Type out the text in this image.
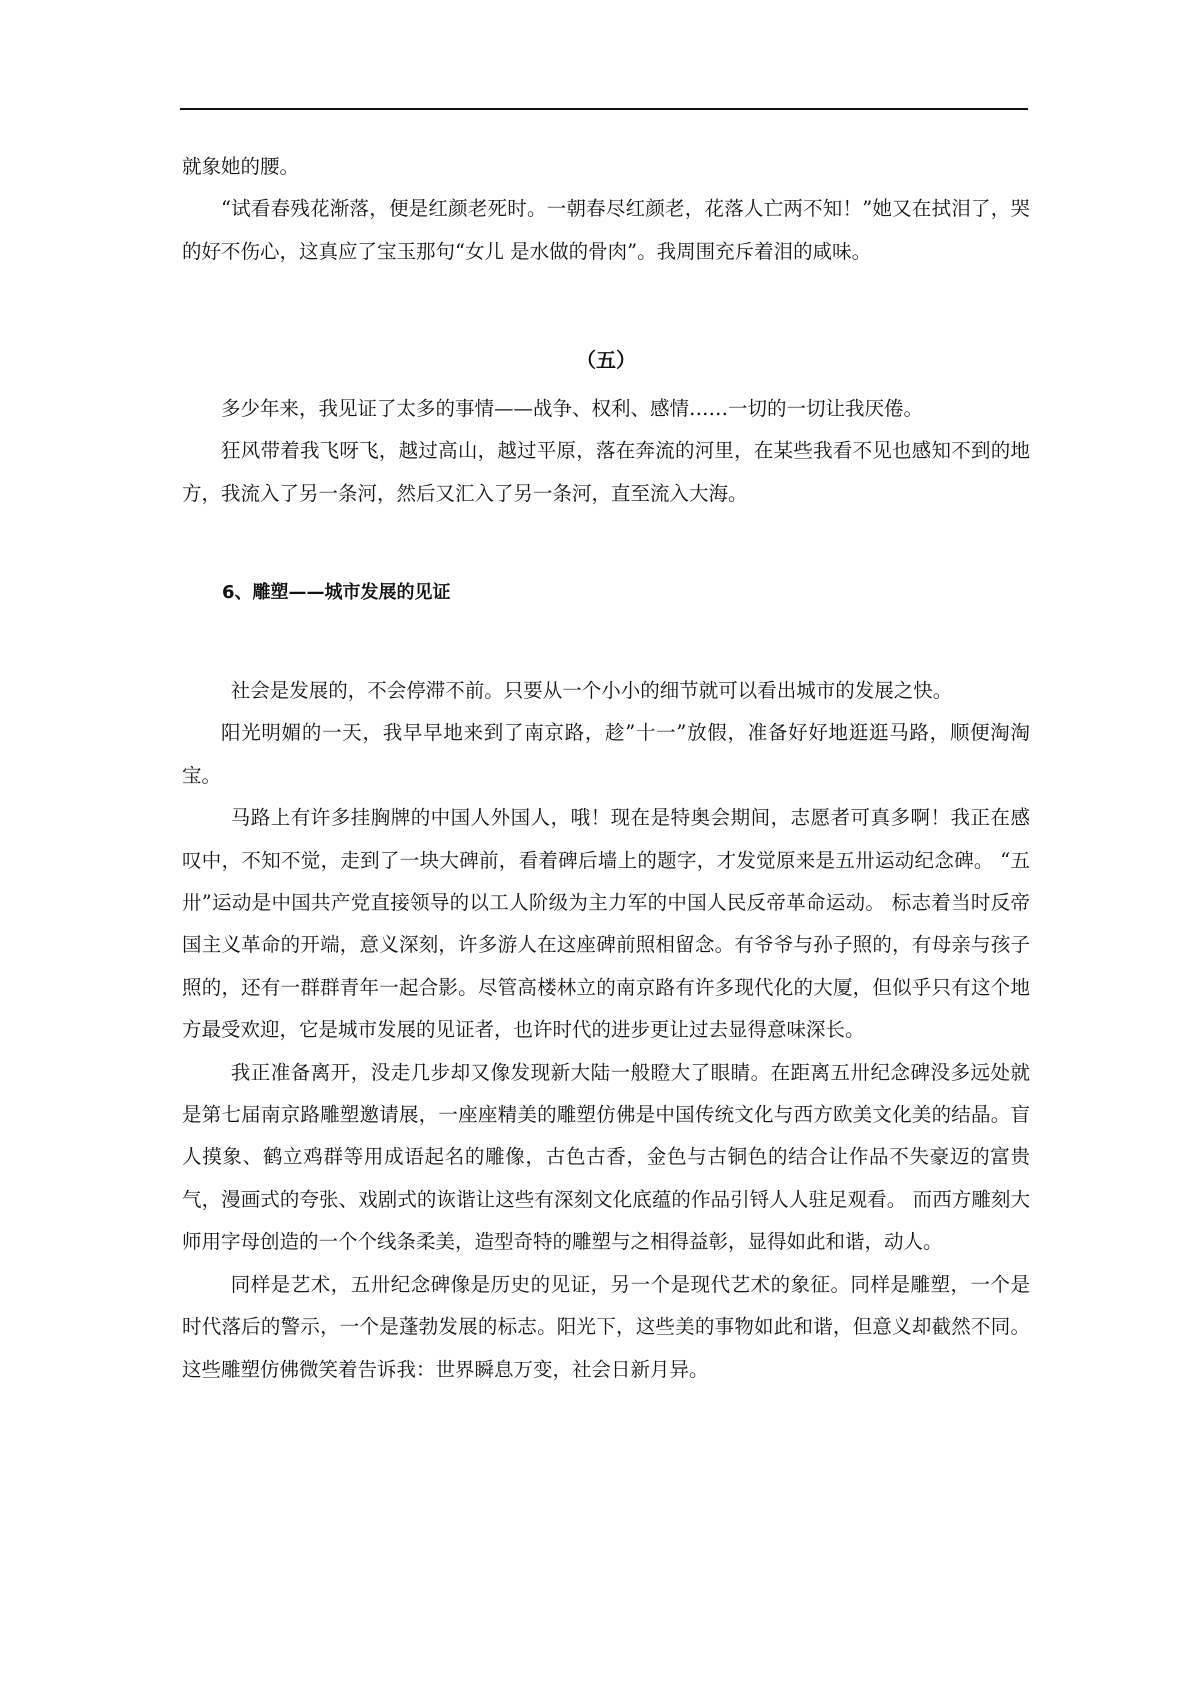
就象她的腰。

“试看春残花渐落，便是红颜老死时。一朝春尽红颜老，花落人亡两不知！”她又在拭泪了，哭的好不伤心，这真应了宝玉那句“女儿 是水做的骨肉”。我周围充斥着泪的咸味。

（五）

多少年来，我见证了太多的事情——战争、权利、感情……一切的一切让我厌倦。

狂风带着我飞呀飞，越过高山，越过平原，落在奔流的河里，在某些我看不见也感知不到的地方，我流入了另一条河，然后又汇入了另一条河，直至流入大海。

6、雕塑——城市发展的见证

社会是发展的，不会停滞不前。只要从一个小小的细节就可以看出城市的发展之快。

阳光明媚的一天，我早早地来到了南京路，趁”十一”放假，准备好好地逛逛马路，顺便淘淘宝。

马路上有许多挂胸牌的中国人外国人，哦！现在是特奥会期间，志愿者可真多啊！我正在感叹中，不知不觉，走到了一块大碑前，看着碑后墙上的题字，才发觉原来是五卅运动纪念碑。 “五卅”运动是中国共产党直接领导的以工人阶级为主力军的中国人民反帝革命运动。 标志着当时反帝国主义革命的开端，意义深刻，许多游人在这座碑前照相留念。有爷爷与孙子照的，有母亲与孩子照的，还有一群群青年一起合影。尽管高楼林立的南京路有许多现代化的大厦，但似乎只有这个地方最受欢迎，它是城市发展的见证者，也许时代的进步更让过去显得意味深长。

我正准备离开，没走几步却又像发现新大陆一般瞪大了眼睛。在距离五卅纪念碑没多远处就是第七届南京路雕塑邀请展，一座座精美的雕塑仿佛是中国传统文化与西方欧美文化美的结晶。盲人摸象、鹤立鸡群等用成语起名的雕像，古色古香，金色与古铜色的结合让作品不失豪迈的富贵气，漫画式的夸张、戏剧式的诙谐让这些有深刻文化底蕴的作品引锊人人驻足观看。 而西方雕刻大师用字母创造的一个个线条柔美，造型奇特的雕塑与之相得益彰，显得如此和谐，动人。

同样是艺术，五卅纪念碑像是历史的见证，另一个是现代艺术的象征。同样是雕塑，一个是时代落后的警示，一个是蓬勃发展的标志。阳光下，这些美的事物如此和谐，但意义却截然不同。这些雕塑仿佛微笑着告诉我：世界瞬息万变，社会日新月异。
